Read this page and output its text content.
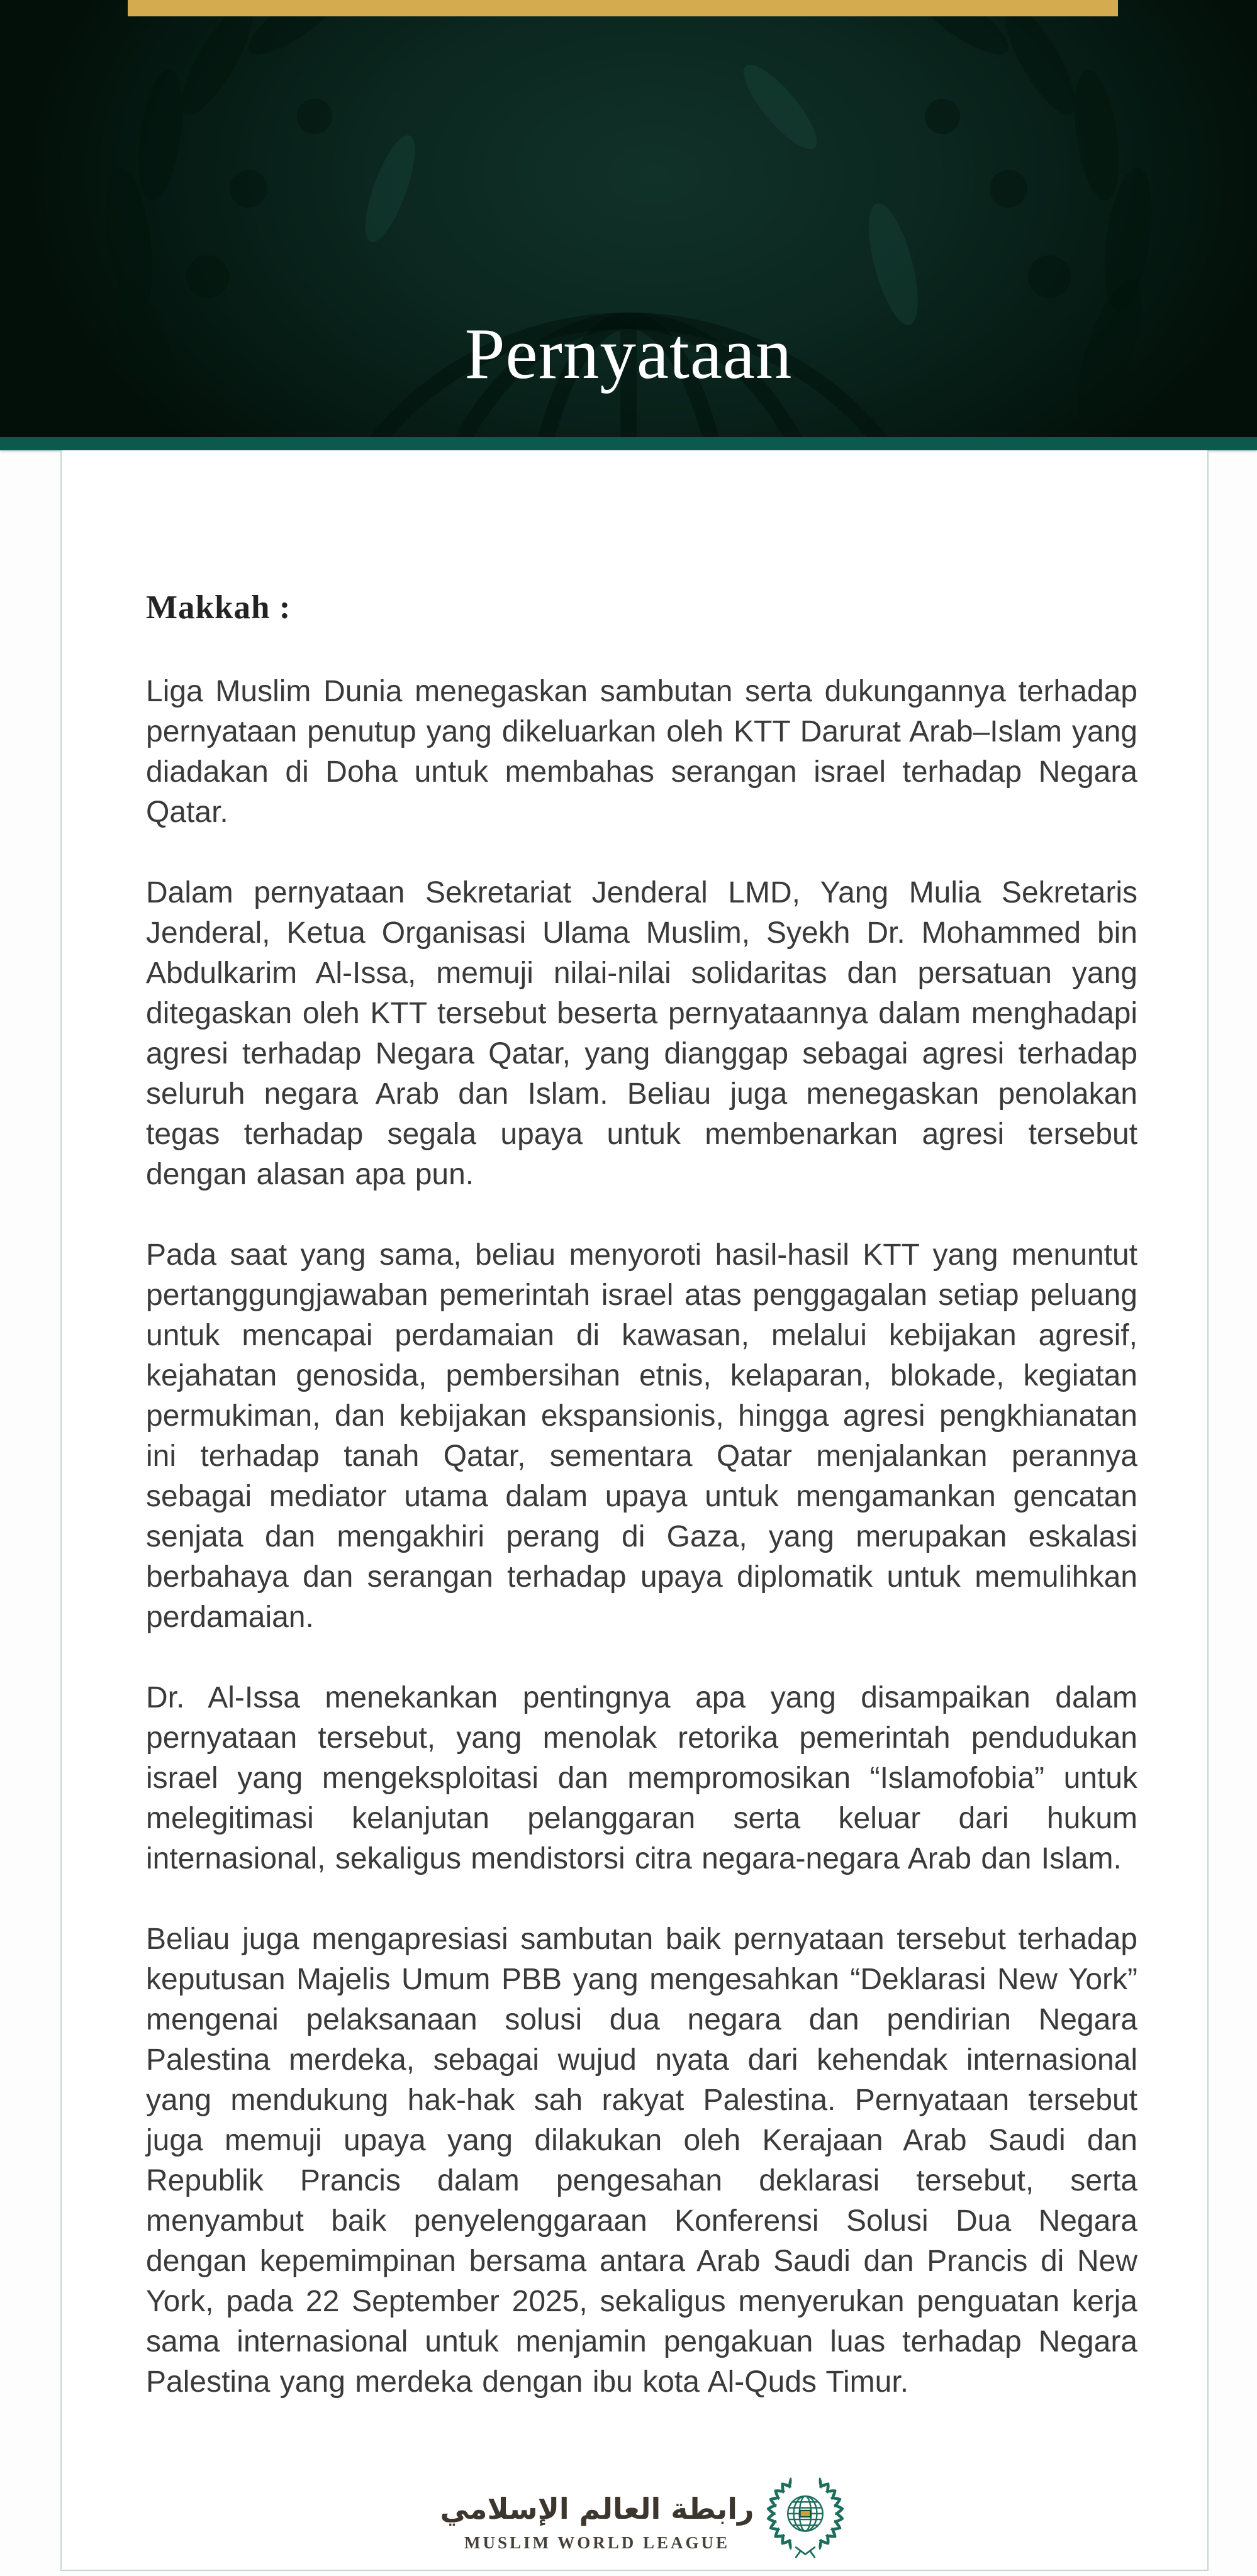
Pernyataan
Makkah :

Liga Muslim Dunia menegaskan sambutan serta dukungannya terhadap pernyataan penutup yang dikeluarkan oleh KTT Darurat Arab–Islam yang diadakan di Doha untuk membahas serangan israel terhadap Negara Qatar.

Dalam pernyataan Sekretariat Jenderal LMD, Yang Mulia Sekretaris Jenderal, Ketua Organisasi Ulama Muslim, Syekh Dr. Mohammed bin Abdulkarim Al-Issa, memuji nilai-nilai solidaritas dan persatuan yang ditegaskan oleh KTT tersebut beserta pernyataannya dalam menghadapi agresi terhadap Negara Qatar, yang dianggap sebagai agresi terhadap seluruh negara Arab dan Islam. Beliau juga menegaskan penolakan tegas terhadap segala upaya untuk membenarkan agresi tersebut dengan alasan apa pun.

Pada saat yang sama, beliau menyoroti hasil-hasil KTT yang menuntut pertanggungjawaban pemerintah israel atas penggagalan setiap peluang untuk mencapai perdamaian di kawasan, melalui kebijakan agresif, kejahatan genosida, pembersihan etnis, kelaparan, blokade, kegiatan permukiman, dan kebijakan ekspansionis, hingga agresi pengkhianatan ini terhadap tanah Qatar, sementara Qatar menjalankan perannya sebagai mediator utama dalam upaya untuk mengamankan gencatan senjata dan mengakhiri perang di Gaza, yang merupakan eskalasi berbahaya dan serangan terhadap upaya diplomatik untuk memulihkan perdamaian.

Dr. Al-Issa menekankan pentingnya apa yang disampaikan dalam pernyataan tersebut, yang menolak retorika pemerintah pendudukan israel yang mengeksploitasi dan mempromosikan “Islamofobia” untuk melegitimasi kelanjutan pelanggaran serta keluar dari hukum internasional, sekaligus mendistorsi citra negara-negara Arab dan Islam.

Beliau juga mengapresiasi sambutan baik pernyataan tersebut terhadap keputusan Majelis Umum PBB yang mengesahkan “Deklarasi New York” mengenai pelaksanaan solusi dua negara dan pendirian Negara Palestina merdeka, sebagai wujud nyata dari kehendak internasional yang mendukung hak-hak sah rakyat Palestina. Pernyataan tersebut juga memuji upaya yang dilakukan oleh Kerajaan Arab Saudi dan Republik Prancis dalam pengesahan deklarasi tersebut, serta menyambut baik penyelenggaraan Konferensi Solusi Dua Negara dengan kepemimpinan bersama antara Arab Saudi dan Prancis di New York, pada 22 September 2025, sekaligus menyerukan penguatan kerja sama internasional untuk menjamin pengakuan luas terhadap Negara Palestina yang merdeka dengan ibu kota Al-Quds Timur.

رابطة العالم الإسلامي
MUSLIM WORLD LEAGUE
